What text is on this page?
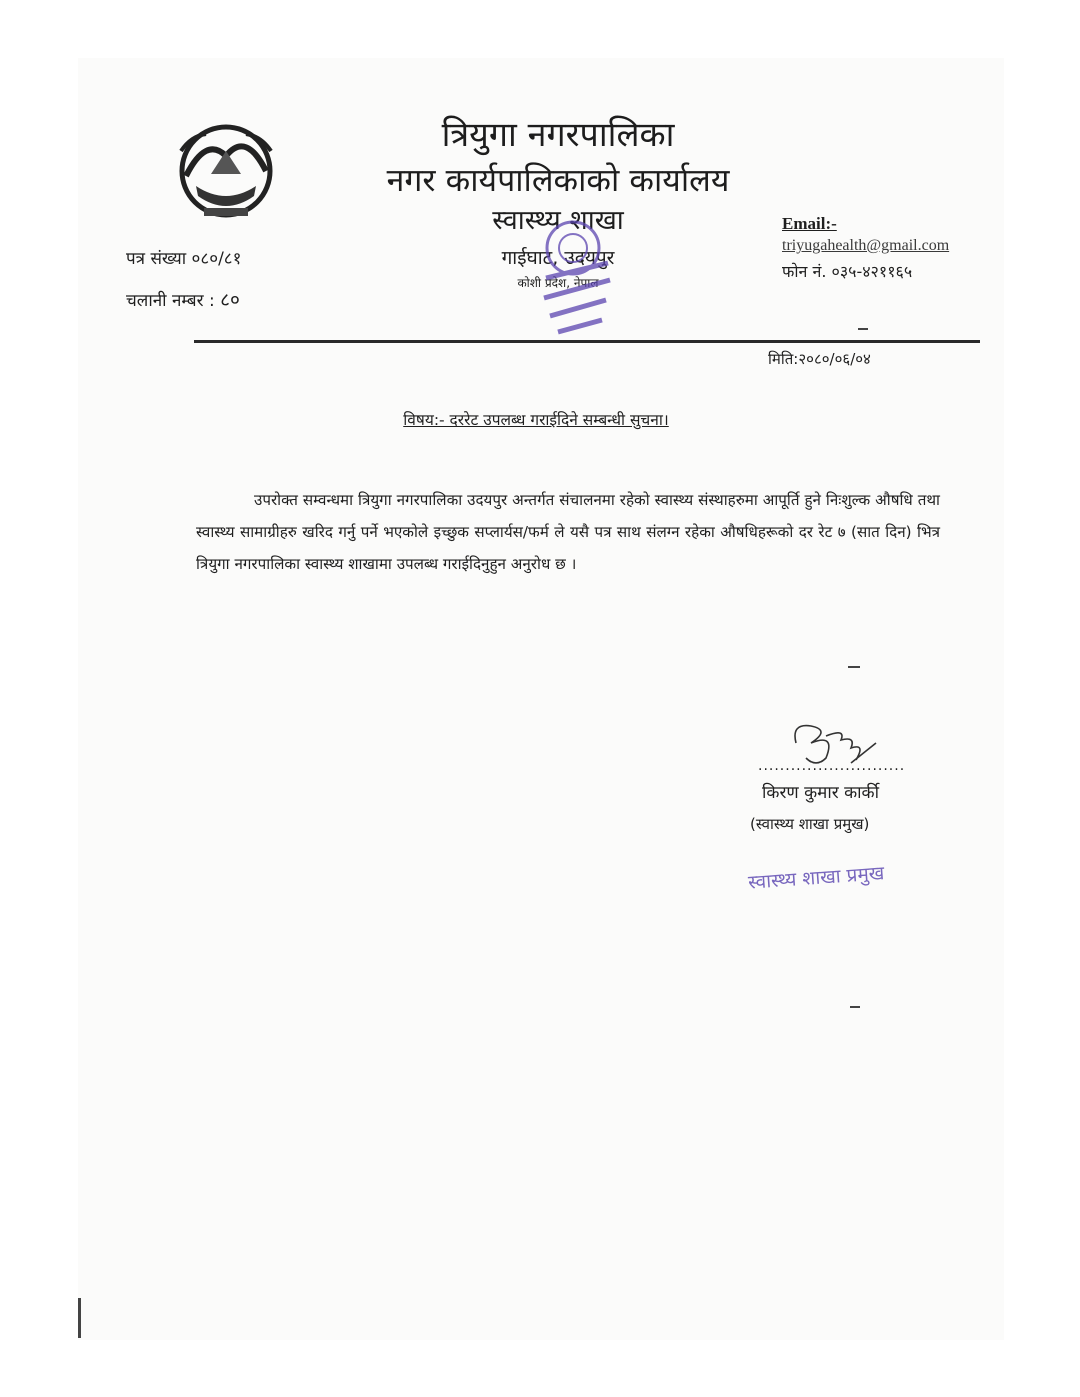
त्रियुगा नगरपालिका
नगर कार्यपालिकाको कार्यालय
स्वास्थ्य शाखा
गाईघाट, उदयपुर
कोशी प्रदेश, नेपाल
पत्र संख्या ०८०/८१
चलानी नम्बर : ८०
Email:-
triyugahealth@gmail.com
फोन नं. ०३५-४२११६५
मिति:२०८०/०६/०४
विषय:- दररेट उपलब्ध गराईदिने सम्बन्धी सुचना।
उपरोक्त सम्वन्धमा त्रियुगा नगरपालिका उदयपुर अन्तर्गत संचालनमा रहेको स्वास्थ्य संस्थाहरुमा आपूर्ति हुने निःशुल्क औषधि तथा स्वास्थ्य सामाग्रीहरु खरिद गर्नु पर्ने भएकोले इच्छुक सप्लार्यस/फर्म ले यसै पत्र साथ संलग्न रहेका औषधिहरूको दर रेट ७ (सात दिन) भित्र त्रियुगा नगरपालिका स्वास्थ्य शाखामा उपलब्ध गराईदिनुहुन अनुरोध छ ।
...........................
किरण कुमार कार्की
(स्वास्थ्य शाखा प्रमुख)
स्वास्थ्य शाखा प्रमुख
